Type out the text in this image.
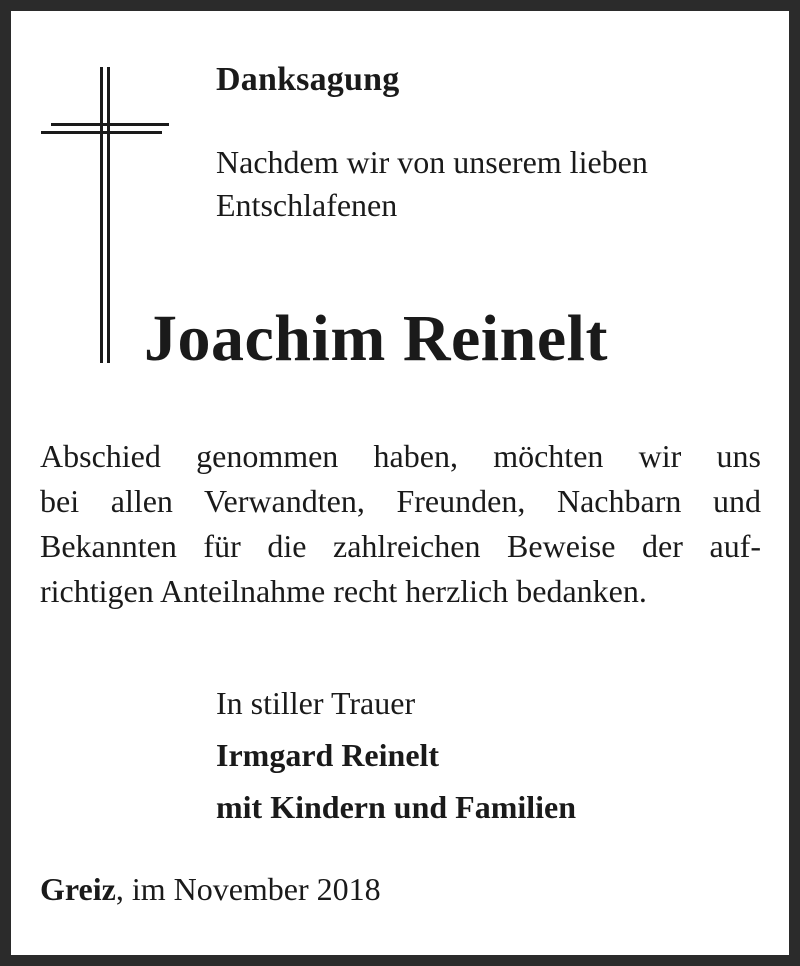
Danksagung
Nachdem wir von unserem lieben
Entschlafenen
Joachim Reinelt
Abschied genommen haben, möchten wir uns
bei allen Verwandten, Freunden, Nachbarn und
Bekannten für die zahlreichen Beweise der auf-
richtigen Anteilnahme recht herzlich bedanken.
In stiller Trauer
Irmgard Reinelt
mit Kindern und Familien
Greiz, im November 2018
